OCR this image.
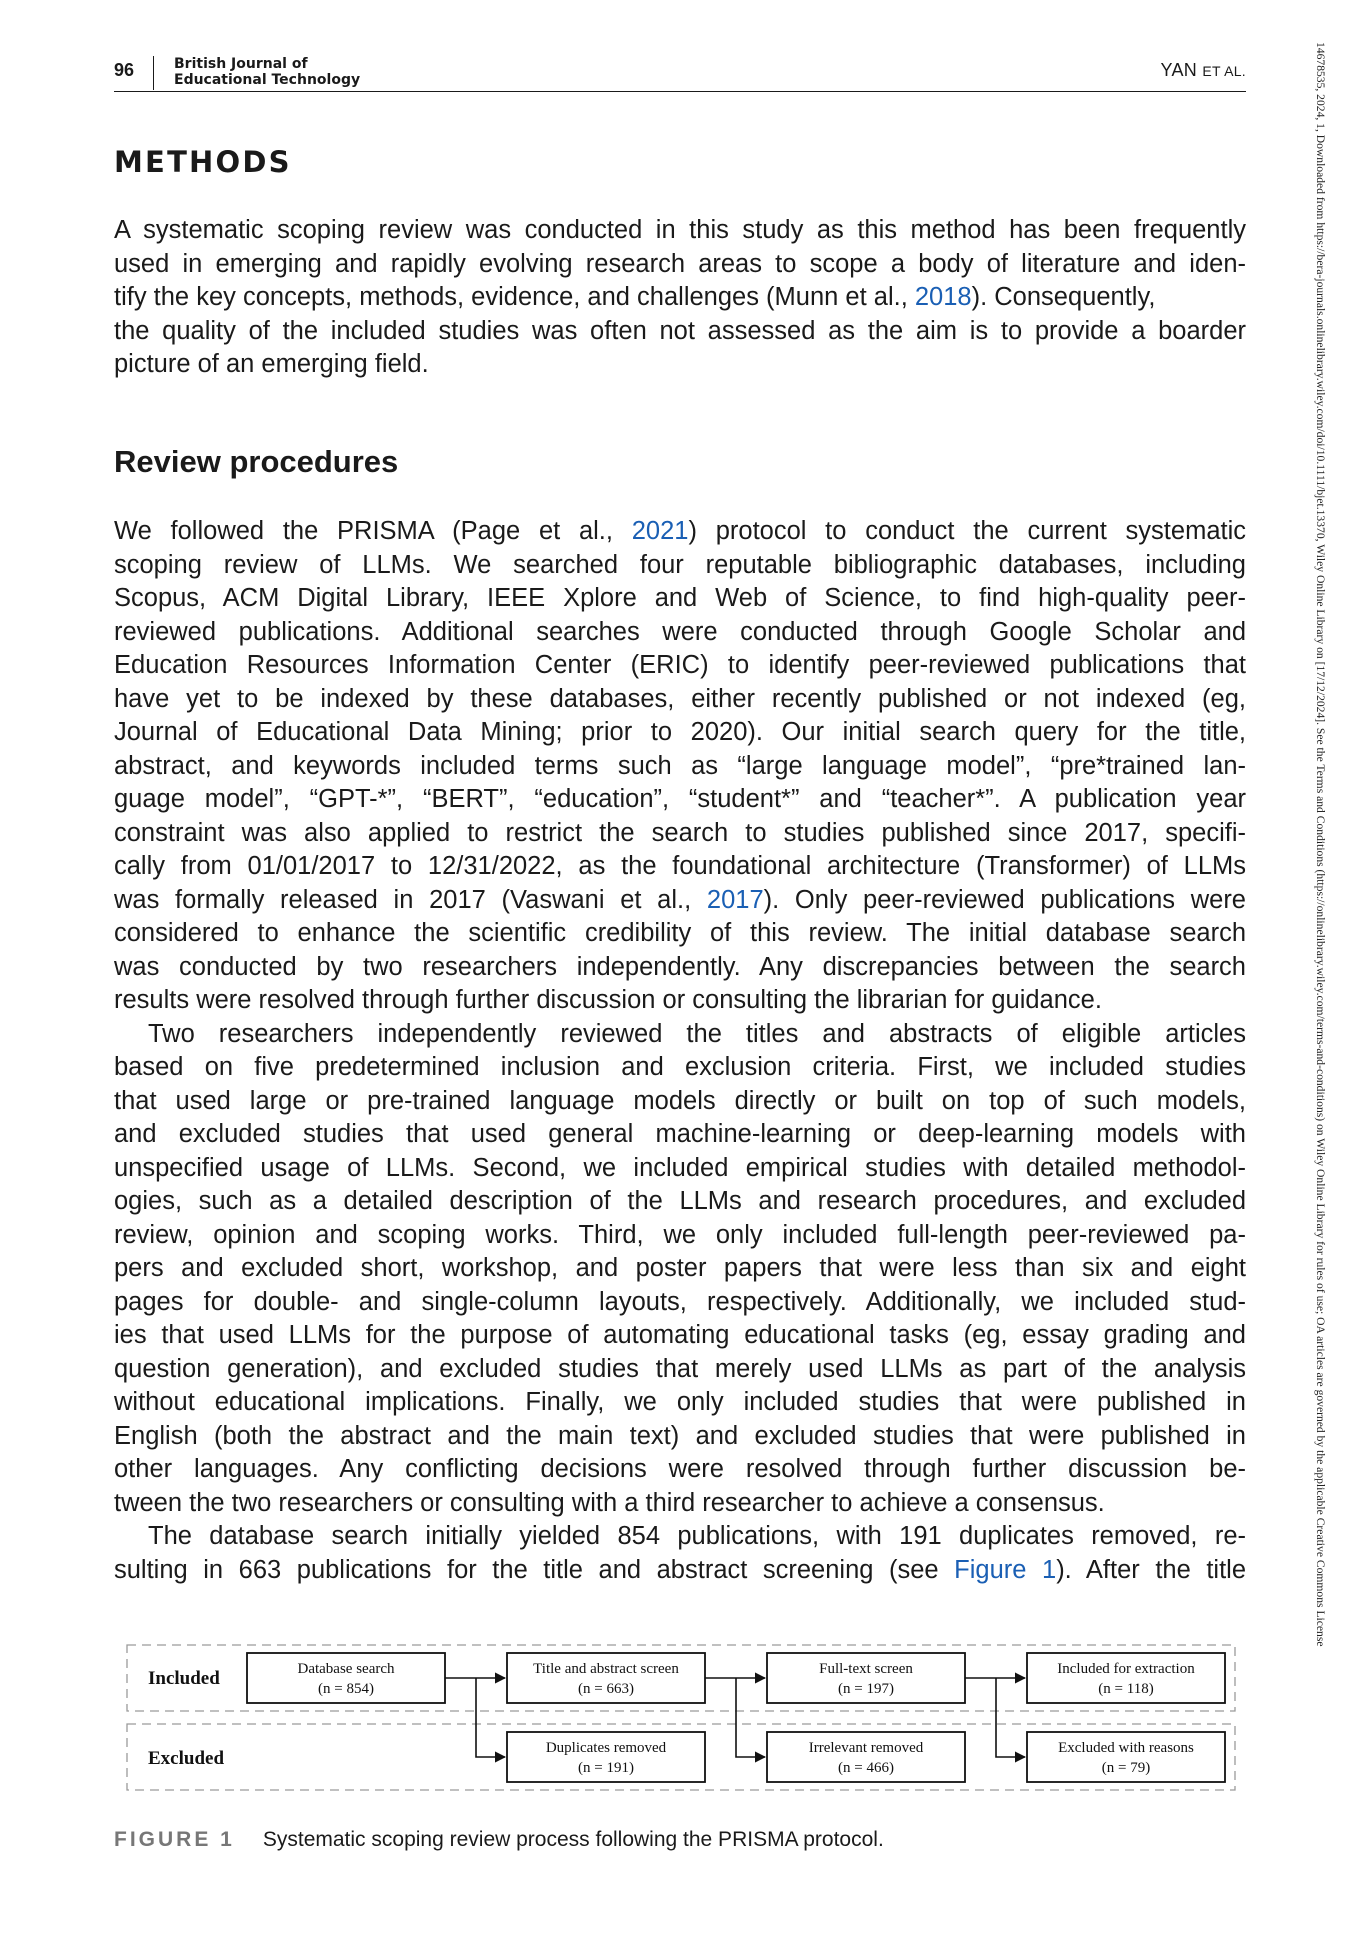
96	British Journal of
Educational Technology	YAN ET AL.	14678535, 2024, 1, Downloaded from https://bera-journals.onlinelibrary.wiley.com/doi/10.1111/bjet.13370, Wiley Online Library on [17/12/2024]. See the Terms and Conditions (https://onlinelibrary.wiley.com/terms-and-conditions) on Wiley Online Library for rules of use; OA articles are governed by the applicable Creative Commons License
METHODS
A systematic scoping review was conducted in this study as this method has been frequently
used in emerging and rapidly evolving research areas to scope a body of literature and iden-
tify the key concepts, methods, evidence, and challenges (Munn et al., 2018). Consequently,
the quality of the included studies was often not assessed as the aim is to provide a boarder
picture of an emerging field.
Review procedures
We followed the PRISMA (Page et al., 2021) protocol to conduct the current systematic
scoping review of LLMs. We searched four reputable bibliographic databases, including
Scopus, ACM Digital Library, IEEE Xplore and Web of Science, to find high-quality peer-
reviewed publications. Additional searches were conducted through Google Scholar and
Education Resources Information Center (ERIC) to identify peer-reviewed publications that
have yet to be indexed by these databases, either recently published or not indexed (eg,
Journal of Educational Data Mining; prior to 2020). Our initial search query for the title,
abstract, and keywords included terms such as “large language model”, “pre*trained lan-
guage model”, “GPT-*”, “BERT”, “education”, “student*” and “teacher*”. A publication year
constraint was also applied to restrict the search to studies published since 2017, specifi-
cally from 01/01/2017 to 12/31/2022, as the foundational architecture (Transformer) of LLMs
was formally released in 2017 (Vaswani et al., 2017). Only peer-reviewed publications were
considered to enhance the scientific credibility of this review. The initial database search
was conducted by two researchers independently. Any discrepancies between the search
results were resolved through further discussion or consulting the librarian for guidance.
Two researchers independently reviewed the titles and abstracts of eligible articles
based on five predetermined inclusion and exclusion criteria. First, we included studies
that used large or pre-trained language models directly or built on top of such models,
and excluded studies that used general machine-learning or deep-learning models with
unspecified usage of LLMs. Second, we included empirical studies with detailed methodol-
ogies, such as a detailed description of the LLMs and research procedures, and excluded
review, opinion and scoping works. Third, we only included full-length peer-reviewed pa-
pers and excluded short, workshop, and poster papers that were less than six and eight
pages for double- and single-column layouts, respectively. Additionally, we included stud-
ies that used LLMs for the purpose of automating educational tasks (eg, essay grading and
question generation), and excluded studies that merely used LLMs as part of the analysis
without educational implications. Finally, we only included studies that were published in
English (both the abstract and the main text) and excluded studies that were published in
other languages. Any conflicting decisions were resolved through further discussion be-
tween the two researchers or consulting with a third researcher to achieve a consensus.
The database search initially yielded 854 publications, with 191 duplicates removed, re-
sulting in 663 publications for the title and abstract screening (see Figure 1). After the title
Included
Excluded
Database search
(n = 854)
Title and abstract screen
(n = 663)
Full-text screen
(n = 197)
Included for extraction
(n = 118)
Duplicates removed
(n = 191)
Irrelevant removed
(n = 466)
Excluded with reasons
(n = 79)
FIGURE 1 Systematic scoping review process following the PRISMA protocol.
